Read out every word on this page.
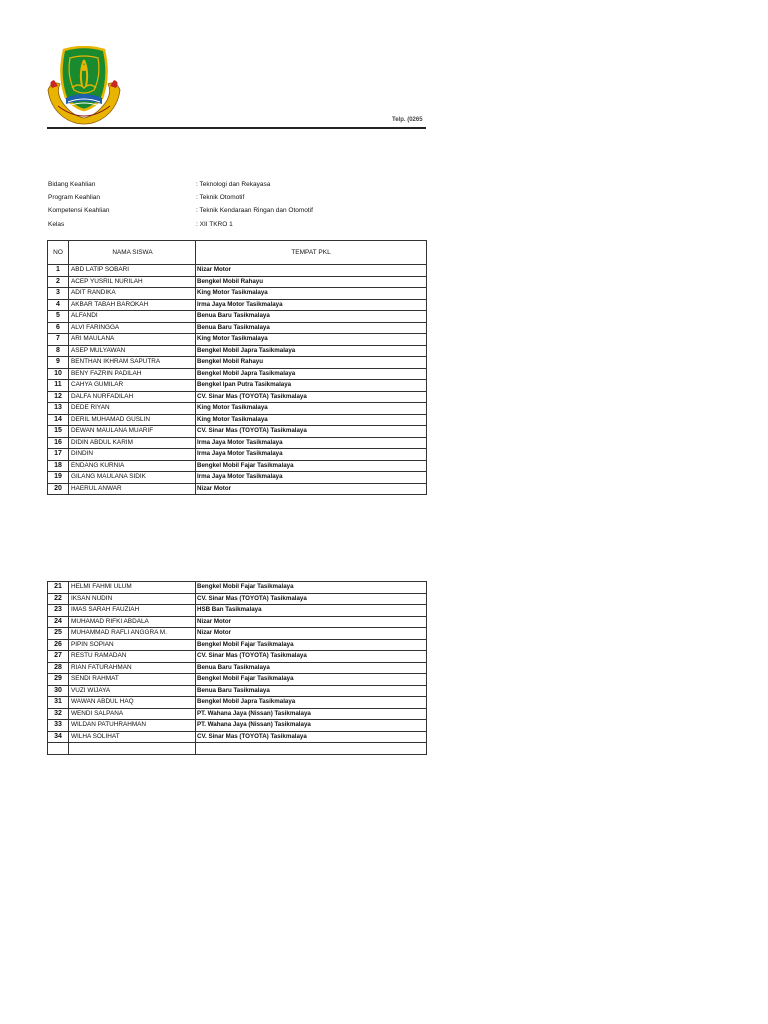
Telp. (0265
Bidang Keahlian	: Teknologi dan Rekayasa
Program Keahlian	: Teknik Otomotif
Kompetensi Keahlian	: Teknik Kendaraan Ringan dan Otomotif
Kelas	: XII TKRO 1
NO	NAMA SISWA	TEMPAT PKL
1	ABD LATIP SOBARI	Nizar Motor
2	ACEP YUSRIL NURILAH	Bengkel Mobil Rahayu
3	ADIT RANDIKA	King Motor Tasikmalaya
4	AKBAR TABAH BAROKAH	Irma Jaya Motor Tasikmalaya
5	ALFANDI	Benua Baru Tasikmalaya
6	ALVI FARINGGA	Benua Baru Tasikmalaya
7	ARI MAULANA	King Motor Tasikmalaya
8	ASEP MULYAWAN	Bengkel Mobil Japra Tasikmalaya
9	BENTHAN IKHRAM SAPUTRA	Bengkel Mobil Rahayu
10	BENY FAZRIN PADILAH	Bengkel Mobil Japra Tasikmalaya
11	CAHYA GUMILAR	Bengkel Ipan Putra Tasikmalaya
12	DALFA NURFADILAH	CV. Sinar Mas (TOYOTA) Tasikmalaya
13	DEDE RIYAN	King Motor Tasikmalaya
14	DERIL MUHAMAD GUSLIN	King Motor Tasikmalaya
15	DEWAN MAULANA MUARIF	CV. Sinar Mas (TOYOTA) Tasikmalaya
16	DIDIN ABDUL KARIM	Irma Jaya Motor Tasikmalaya
17	DINDIN	Irma Jaya Motor Tasikmalaya
18	ENDANG KURNIA	Bengkel Mobil Fajar Tasikmalaya
19	GILANG MAULANA SIDIK	Irma Jaya Motor Tasikmalaya
20	HAERUL ANWAR	Nizar Motor
21	HELMI FAHMI ULUM	Bengkel Mobil Fajar Tasikmalaya
22	IKSAN NUDIN	CV. Sinar Mas (TOYOTA) Tasikmalaya
23	IMAS SARAH FAUZIAH	HSB Ban Tasikmalaya
24	MUHAMAD RIFKI ABDALA	Nizar Motor
25	MUHAMMAD RAFLI ANGGRA M.	Nizar Motor
26	PIPIN SOPIAN	Bengkel Mobil Fajar Tasikmalaya
27	RESTU RAMADAN	CV. Sinar Mas (TOYOTA) Tasikmalaya
28	RIAN FATURAHMAN	Benua Baru Tasikmalaya
29	SENDI RAHMAT	Bengkel Mobil Fajar Tasikmalaya
30	VUZI WIJAYA	Benua Baru Tasikmalaya
31	WAWAN ABDUL HAQ	Bengkel Mobil Japra Tasikmalaya
32	WENDI SALPANA	PT. Wahana Jaya (Nissan) Tasikmalaya
33	WILDAN PATUHRAHMAN	PT. Wahana Jaya (Nissan) Tasikmalaya
34	WILHA SOLIHAT	CV. Sinar Mas (TOYOTA) Tasikmalaya
